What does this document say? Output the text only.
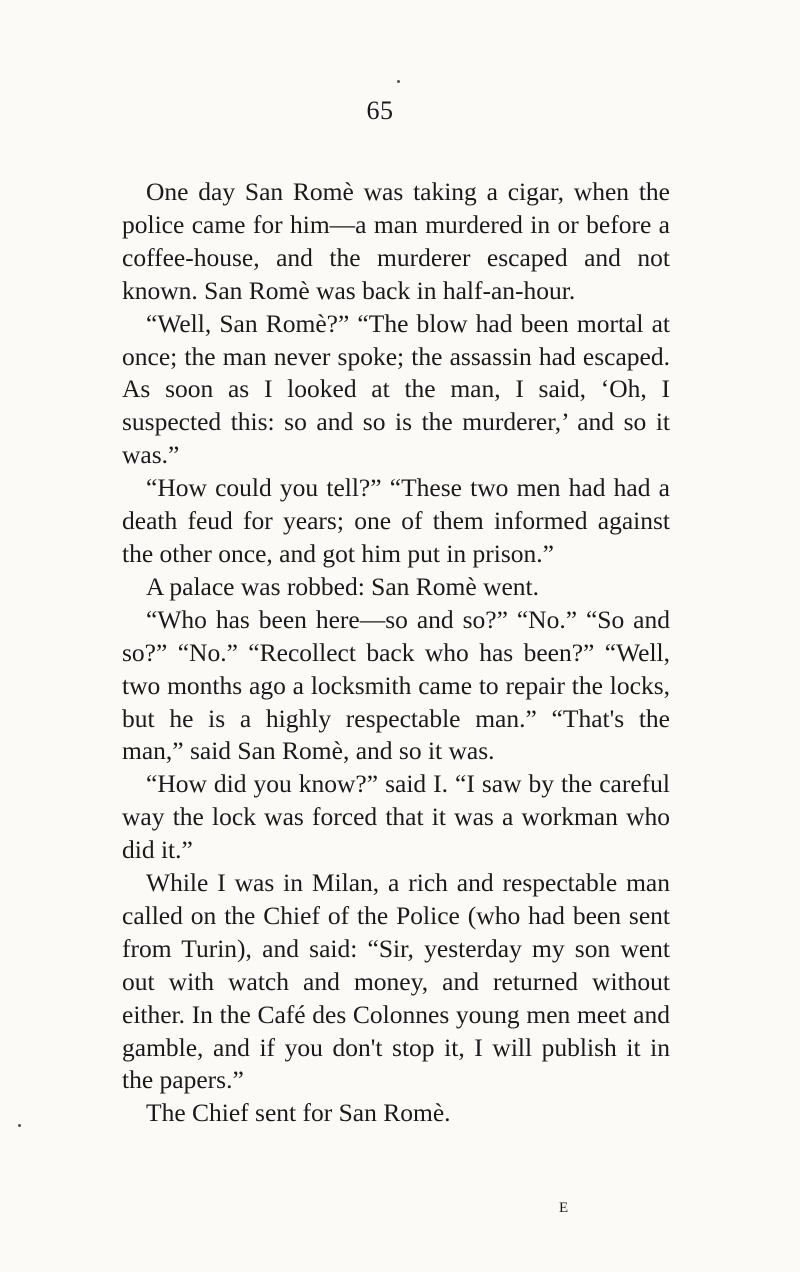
65

One day San Romè was taking a cigar, when the police came for him—a man murdered in or before a coffee-house, and the murderer escaped and not known. San Romè was back in half-an-hour.

“Well, San Romè?” “The blow had been mortal at once; the man never spoke; the assassin had escaped. As soon as I looked at the man, I said, ‘Oh, I suspected this: so and so is the murderer,’ and so it was.”

“How could you tell?” “These two men had had a death feud for years; one of them informed against the other once, and got him put in prison.”

A palace was robbed: San Romè went.

“Who has been here—so and so?” “No.” “So and so?” “No.” “Recollect back who has been?” “Well, two months ago a locksmith came to repair the locks, but he is a highly respectable man.” “That's the man,” said San Romè, and so it was.

“How did you know?” said I. “I saw by the careful way the lock was forced that it was a workman who did it.”

While I was in Milan, a rich and respectable man called on the Chief of the Police (who had been sent from Turin), and said: “Sir, yesterday my son went out with watch and money, and returned without either. In the Café des Colonnes young men meet and gamble, and if you don't stop it, I will publish it in the papers.”

The Chief sent for San Romè.

E
